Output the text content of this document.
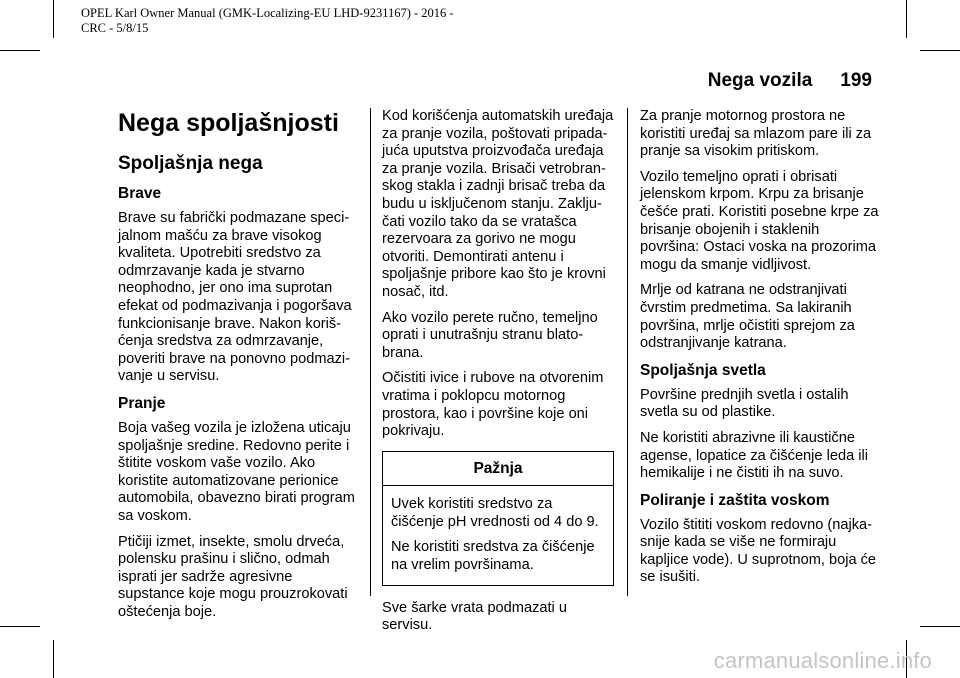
OPEL Karl Owner Manual (GMK-Localizing-EU LHD-9231167) - 2016 -
CRC - 5/8/15
Nega vozila 199
Nega spoljašnjosti
Spoljašnja nega
Brave

Brave su fabrički podmazane speci-jalnom mašću za brave visokog kvaliteta. Upotrebiti sredstvo za odmrzavanje kada je stvarno neophodno, jer ono ima suprotan efekat od podmazivanja i pogoršava funkcionisanje brave. Nakon koriš-ćenja sredstva za odmrzavanje, poveriti brave na ponovno podmazi-vanje u servisu.

Pranje

Boja vašeg vozila je izložena uticaju spoljašnje sredine. Redovno perite i štitite voskom vaše vozilo. Ako koristite automatizovane perionice automobila, obavezno birati program sa voskom.

Ptičiji izmet, insekte, smolu drveća, polensku prašinu i slično, odmah isprati jer sadrže agresivne supstance koje mogu prouzrokovati oštećenja boje.

Kod korišćenja automatskih uređaja za pranje vozila, poštovati pripada-juća uputstva proizvođača uređaja za pranje vozila. Brisači vetrobran-skog stakla i zadnji brisač treba da budu u isključenom stanju. Zaklju-čati vozilo tako da se vratašca rezervoara za gorivo ne mogu otvoriti. Demontirati antenu i spoljašnje pribore kao što je krovni nosač, itd.

Ako vozilo perete ručno, temeljno oprati i unutrašnju stranu blato-brana.

Očistiti ivice i rubove na otvorenim vratima i poklopcu motornog prostora, kao i površine koje oni pokrivaju.

Pažnja

Uvek koristiti sredstvo za čišćenje pH vrednosti od 4 do 9.

Ne koristiti sredstva za čišćenje na vrelim površinama.

Sve šarke vrata podmazati u servisu.

Za pranje motornog prostora ne koristiti uređaj sa mlazom pare ili za pranje sa visokim pritiskom.

Vozilo temeljno oprati i obrisati jelenskom krpom. Krpu za brisanje češće prati. Koristiti posebne krpe za brisanje obojenih i staklenih površina: Ostaci voska na prozorima mogu da smanje vidljivost.

Mrlje od katrana ne odstranjivati čvrstim predmetima. Sa lakiranih površina, mrlje očistiti sprejom za odstranjivanje katrana.

Spoljašnja svetla

Površine prednjih svetla i ostalih svetla su od plastike.

Ne koristiti abrazivne ili kaustične agense, lopatice za čišćenje leda ili hemikalije i ne čistiti ih na suvo.

Poliranje i zaštita voskom

Vozilo štititi voskom redovno (najka-snije kada se više ne formiraju kapljice vode). U suprotnom, boja će se isušiti.

carmanualsonline.info
